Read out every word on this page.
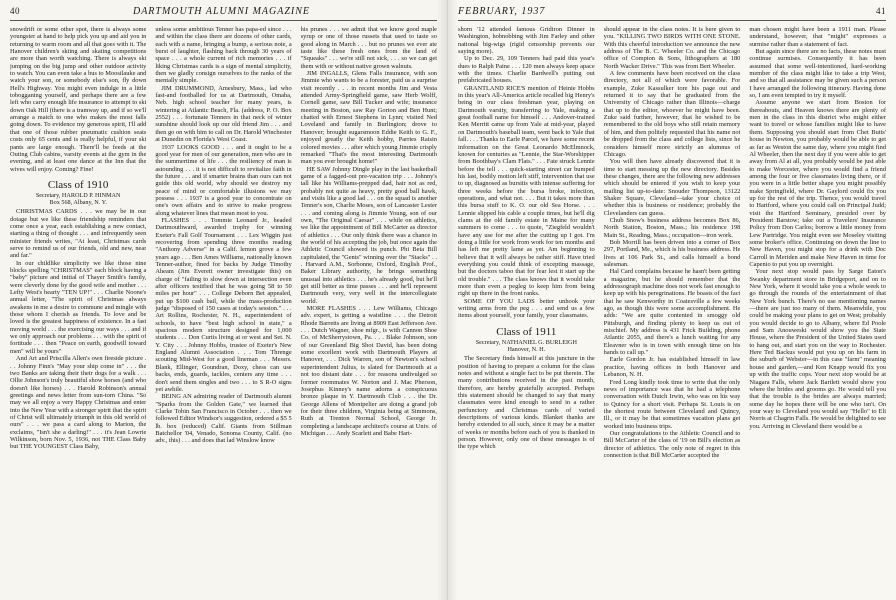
40	DARTMOUTH ALUMNI MAGAZINE

snowdrift or some other spot, there is always some youngster at hand to help pick you up and aid you in returning to warm room and all that goes with it. The Hanover children's skiing and skating competitions are more than worth watching. There is always ski jumping on the big jump and other outdoor activity to watch. You can even take a bus to Moosilauke and watch your son, or somebody else's son, fly down Hell's Highway. You might even indulge in a little tobogganing yourself, and perhaps there are a few left who carry enough life insurance to attempt to ski down Oak Hill (there is a tramway up, and if so we'll arrange a match to one who makes the most falls going down. To evidence my generous spirit, I'll add that one of those rubber pneumatic cushion seats costs only 65 cents and is really helpful, if your ski pants are large enough. There'll be feeds at the Outing Club cabins, varsity events at the gym in the evening, and at least one dance at the Inn that the wives will enjoy. Coming? Fine!

Class of 1910
Secretary, HAROLD P. HINMAN
Box 568, Albany, N. Y.

CHRISTMAS CARDS . . . we may be in our dotage but we like these friendship reminders that come once a year, each establishing a new contact, starting a thing of thought . . . and infrequently seen minister friends writes, "At least, Christmas cards serve to remind us of our friends, old and new, near and far."

In our childlike simplicity we like those nine blocks spelling "CHRISTMAS" each block having a "baby" picture and initial of Thayer Smith's family, were cleverly done by the good wife and mother . . . Lefty West's hearty "TEN UP!" . . . Charlie Noone's annual letter, "The spirit of Christmas always awakens in me a desire to commune and mingle with those whom I cherish as friends. To love and be loved is the greatest happiness of existence. In a fast moving world . . . the exercising our ways . . . and if we only approach our problems . . . with the spirit of fortitude . . . then "Peace on earth, goodwill toward men" will be yours"

And Art and Priscilla Allen's own fireside picture . . . Johnny Finn's "May your ship come in" . . . the two Banks are taking their their dogs for a walk . . . Ollie Johnson's truly beautiful show horses (and who doesn't like horses) . . . Harold Robinson's annual greetings and news letter from sun-torn China. "So may we all enjoy a very Happy Christmas and enter into the New Year with a stronger spirit that the spirit of Christ will ultimately triumph in this old world of ours" . . . we pass a card along to Marion, the exclaims, "Isn't she a darling!" . . . it's Jean Lowrie Wilkinson, born Nov. 5, 1936, not THE Class Baby but THE YOUNGEST Class Baby,

unless some ambitious Tenner has papa-ed since . . . and within the class there are dozens of other cards, each with a name, bringing a bump, a serious note, a burst of laughter, flashing back through 30 years of space . . . a whole current of rich memories . . . if liking Christmas cards is a sign of mental simplicity, then we gladly consign ourselves to the ranks of the mentally simple.

JIM DRUMMOND, Amesbury, Mass., lad who fast-and footballed for us at Dartmouth, Omaha, Neb. high school teacher for many years, is wintering at Atlantic Beach, Fla. (address, P. O. Box 2552) . . . fortunate Tenners in that neck of winter sunshine should look up our old friend Jim . . . and then go on with him to call on Dr. Harold Winchester at Dunedin on Florida's West Coast.

1937 LOOKS GOOD . . . and it ought to be a good year for men of our generation, men who are in the summertime of life . . . the resiliency of man is astounding . . . it is not difficult to revitalize faith in the future . . . and if smarter brains than ours can not guide this old world, why should we destroy my peace of mind or comfortable illusions we may possess . . . 1937 is a good year to concentrate on one's own affairs and to strive to make progress along whatever lines that mean most to you.

FLASHES . . . Tommie Leonard Jr., headed Dartmouthward, awarded trophy for winning Exeter's Fall Golf Tournament . . . Lex Wiggin just recovering from spending three months reading "Anthony Adverse" in a Calif. lemon grove a few years ago . . . Ben Ames Williams, nationally known Tenner-author, fined for backs by Judge Timothy Aheam (Jim Everett owner investigate this) on charge of "failing to slow down at intersection even after officers testified that he was going 58 to 50 miles per hour" . . . College Deborn Bet appealed, put up $100 cash bail, while the mass-production judge "disposed of 150 cases at today's session." . . . Art Rollins, Rochester, N. H., superintendent of schools, to have "best high school in state," a spacious modern structure designed for 1,000 students . . . Don Curtis living at or west and Set. N. Y. City . . . Johnny Hobbs, trustee of Exeter's New England Alumni Association . . . Tom Threnge scouting Mid-West for a good lineman . . . Messrs. Blank, Ellinger, Goundran, Doxy, chess can use backs, ends, guards, tackles, centers any time . . . don't send them singles and two . . . to S R-O signs yet awhile.

BEING AN admiring reader of Dartmouth alumni "Sparks from the Golden Gate," we learned that Clarke Tobin San Francisco in October . . . then we followed Editor Windsor's suggestion, ordered a $5 5 lb. box (reduced) Calif. Giants from Stillman Batchellor '04, Venado, Sonoma County, Calif. (no adv., this) . . . and does that lad Winslow know

his prunes . . . we admit that we know good maple syrup or one of those russets that used to taste so good along in March . . . but no prunes we ever ate taste like these fresh ones from the land of "Squeaks" . . . we're still not sick, . . . so we can get them with or without native grown walnuts.

JIM INGALLS, Glens Falls insurance, with son Jimmie who wants to be a forester, paid us a surprise visit recently . . . in recent months Jim and Vesta attended Army-Springfield game, saw Herb Wolff, Cornell game, saw Bill Tucker and wife; insurance meeting in Boston, saw Ray Gorton and Ben Hunt; chatted with Ernest Stephens in Lynn; visited Ned Loveland and family in Burlington; drove to Hanover; brought sugarsmoon Eddie Keith to G. F., enjoyed greatly the Keith hobby, Parries Raisin colored movies . . . after which young Jimmie crisply remarked "That's the most interesting Dartmouth man you ever brought home!"

HE SAW Johnny Dingle play in the last basketball game of a fagged-out pre-vacation trip . . . Johnny's tall like his Williams-prepped dad, hair not as red, probably not quite as heavy, pretty good ball hawk, and visits like a good lad . . . on the squad is another Tenner's son, Charlie Moses, son of Lancaster Lester . . . and coming along is Jimmie Young, son of our own, "The Original Caesar" . . . while on athletics, we like the appointment of Bill McCarter as director of athletics . . . Our only think there was a chance in the world of his accepting the job, but once again the Athletic Council showed its punch. Phi Beta Bill capitulated, the "Gents" winning over the "Stacks" . . . Harvard A.M., Sorbonne, Oxford, English Prof., Baker Library authority, he brings something unusual into athletics . . . he's already good, but he'll get still better as time passes . . . and he'll represent Dartmouth very, very well in the intercollegiate world.

MORE FLASHES . . . Lew Williams, Chicago adv. expert, is getting a waistline . . . the Detroit Rhode Barretts are living at 8909 East Jefferson Ave. . . . Dutch Wagner, shoe mfgr., is with Cannon Shoe Co. of McSherrystown, Pa. . . . Blake Johnson, son of our Greenland Big Shot David, has been doing some excellent work with Dartmouth Players at Hanover, . . . Dick Warren, son of Newton's school superintendent Julius, is slated for Dartmouth at a not too distant date . . . for reasons undivulged so former roommates W. Norton and J. Mac Pherson, Josephus Kinney's name adorns a conspicuous bronze plaque in Y. Dartmouth Club . . . the Dr. George Allens of Montpelier are doing a grand job for their three children, Virginia being at Simmons, Ruth at Trenton Normal School, George Jr. completing a landscape architect's course at Univ. of Michigan . . . Andy Scarlett and Babe Hart-

FEBRUARY, 1937	41

shorn '12 attended famous Gridiron Dinner in Washington, hobnobbing with Jim Farley and other national big-wigs (rigid censorship prevents our saying more).

Up to Dec. 29, 109 Tenners had paid this year's dues to Ralph Paine . . . 120 men always keep apace with the times. Charlie Bardwell's putting out prefabricated houses.

GRANTLAND RICE'S mention of Heinie Hobbs in this year's All-America article recalled big Henry's being in our class freshman year, playing on Dartmouth varsity, transferring to Yale, making a great football name for himself . . . Andover-trained Ken Merritt came up from Yale at mid-year, played on Dartmouth's baseball team, went back to Yale that fall. . . . Thanks to Earle Parcel, we have some recent information on the Great Leonardo McElmnock, known for centuries as "Lennie, the Star-Worshipper from Boothbay's Clam Flats." . . . Fate struck Lennie before the tell . . . quick-starting street car bumped his last, bodily motion left stiff, intervention that use to up, diagnosed as bursitis with intense suffering for three weeks before the bursa broke, infection, operations, and what not. . . . But it takes more than this bursa stuff to K. O. our old Sea Horse. . . . Lennie slipped his cable a couple times, but he'll dig clams at the old family estate in Maine for many summers to come . . . to quote, "Ziegfeld wouldn't have any use for me after the cutting up I got. I'm doing a little for work from work for ten months and has left me pretty lame as yet. Am beginning to believe that it will always be rather stiff. Have tried everything you could think of excepting massage, but the doctors taboo that for fear lest it start up the old trouble." . . . The class knows that it would take more than even a pegleg to keep him from being right up there in the front ranks.

SOME OF YOU LADS better unhook your writing arms from the peg . . . and send us a few items about yourself, your family, your classmates.

Class of 1911
Secretary, NATHANIEL G. BURLEIGH
Hanover, N. H.

The Secretary finds himself at this juncture in the position of having to prepare a column for the class notes and without a single fact to be put therein. The many contributions received in the past month, therefore, are hereby gratefully accepted. Perhaps this statement should be changed to say that many classmates were kind enough to send in a rather perfunctory and Christmas cards of varied descriptions of various kinds. Blanket thanks are hereby extended to all such, since it may be a matter of weeks or months before each of you is thanked in person. However, only one of these messages is of the type which

should appear in the class notes. It is here given to you. "KILLING TWO BIRDS WITH ONE STONE. With this cheerful introduction we announce the new address of The B. C. Wheeler Co. and the Chicago office of Compton & Sons, lithographers at 180 North Wacker Drive." This was from Bert Wheeler.

A few comments have been received on the class directory, not all of which were favorable. For example, Zuke Kassulker tore his page out and returned it to say that he graduated from the University of Chicago rather than Illinois—charge that up to the editor, whoever he might have been. Zuke said further, however, that he wished to be remembered to the old boys who still retain memory of him, and then politely requested that his name not be dropped from the class and college lists, since he considers himself more strictly an alumnus of Chicago.

You will then have already discovered that it is time to start messing up the new directory. Besides these changes, there are the following new addresses which should be entered if you wish to keep your mailing list up-to-date: Snouder Thompson, 13122 Shaker Square, Cleveland—take your choice of whether this is business or residence; probably the Clevelanders can guess.

Chub Snow's business address becomes Box 86, North Station, Boston, Mass.; his residence 198 Main St., Reading, Mass.; occupation—iron work.

Bob Morrill has been driven into a corner of Box 297, Portland, Me., which is his business address. He lives at 106 Park St., and calls himself a bond salesman.

Hal Card complains because he hasn't been getting a magazine, but he should remember that the addressograph machine does not work fast enough to keep up with his peregrinations. He boasts of the fact that he saw Kenworthy in Coatesville a few weeks ago, as though this were some accomplishment. He adds: "We are quite contented in smoggy old Pittsburgh, and finding plenty to keep us out of mischief. My address is 431 Frick Building, phone Atlantic 2055, and there's a lunch waiting for any Eleavner who is in town with enough time on his hands to call up."

Earle Gordon Jr. has established himself in law practice, having offices in both Hanover and Lebanon, N. H.

Fred Long kindly took time to write that the only news of importance was that he had a telephone conversation with Dutch Irwin, who was on his way to Quincy for a short visit. Perhaps St. Louis is on the shortest route between Cleveland and Quincy, Ill., or it may be that sometimes vacation plans get worked into business trips.

Our congratulations to the Athletic Council and to Bill McCarter of the class of '19 on Bill's election as director of athletics. The only note of regret in this connection is that Bill McCarter accepted the

man chosen might have been a 1911 man. Please understand, however, that "might" expresses a surmise rather than a statement of fact.

But again since there are no facts, these notes must continue surmises. Consequently it has been assumed that some well-intentioned, hard-working member of the class might like to take a trip West, and so that all assistance may be given such a person I have arranged the following itinerary. Having done so, I am even tempted to try it myself.

Assume anyone we start from Boston for thereabouts, and Heaven knows there are plenty of men in the class in this district who might either want to travel or whose families might like to have them. Supposing you should start from Chet Butts' house in Newton, you probably would be able to get as far as Weston the same day, where you might find Al Wheeler, then the next day if you were able to get away from Al at all, you probably would be just able to make Worcester, where you would find a friend among the four or five classmates living there, or if you were in a little better shape you might possibly make Springfield, where Dr. Gaylord could fix you up for the rest of the trip. Thence, you would travel to Hartford, where you could call on Principal Judd; visit the Hartford Seminary, presided over by President Barstow; take out a Travelers' Insurance Policy from Don Carlos; borrow a little money from Lew Partridge. You might even see Moseley visiting some broker's office. Continuing on down the line to New Haven, you might stop for a drink with Doc Carroll in Meriden and make New Haven in time for Capenio to put you up overnight.

Your next stop would pass by Sarge Eaton's Swanky department store in Bridgeport, and on to New York, where it would take you a whole week to go through the rounds of the entertainment of that New York bunch. There's no use mentioning names—there are just too many of them. Meanwhile, you could be making your plans to get on West; probably you would decide to go to Albany, where Ed Poole and Sam Anouweski would show you the State House, where the President of the United States used to hang out, and start you on the way to Rochester. Here Ted Backus would put you up on his farm in the suburb of Webster—in this case "farm" meaning house and garden,—and Ken Knapp would fix you up with the traffic cops. Your next stop would be at Niagara Falls, where Jack Bartlett would show you where the brides and grooms go. He would tell you that the trouble is the brides are always married; some day he hopes there will be one who isn't. On your way to Cleveland you would say "Hello" to Eli Norris at Chagrin Falls. He would be delighted to see you. Arriving in Cleveland there would be a
